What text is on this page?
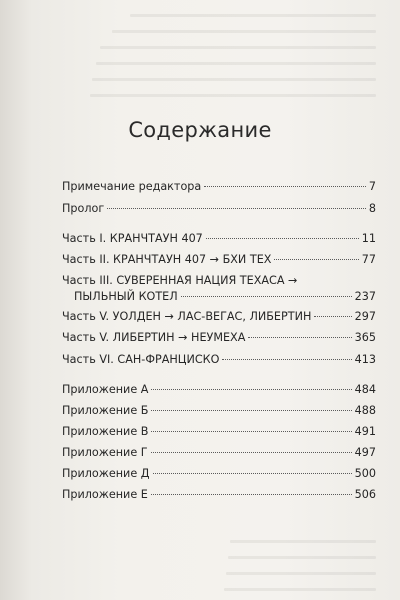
Содержание
Примечание редактора	7
Пролог	8
Часть I. КРАНЧТАУН 407	11
Часть II. КРАНЧТАУН 407 → БХИ ТЕХ	77
Часть III. СУВЕРЕННАЯ НАЦИЯ ТЕХАСА →
ПЫЛЬНЫЙ КОТЕЛ	237
Часть V. УОЛДЕН → ЛАС-ВЕГАС, ЛИБЕРТИН	297
Часть V. ЛИБЕРТИН → НЕУМЕХА	365
Часть VI. САН-ФРАНЦИСКО	413
Приложение А	484
Приложение Б	488
Приложение В	491
Приложение Г	497
Приложение Д	500
Приложение Е	506
